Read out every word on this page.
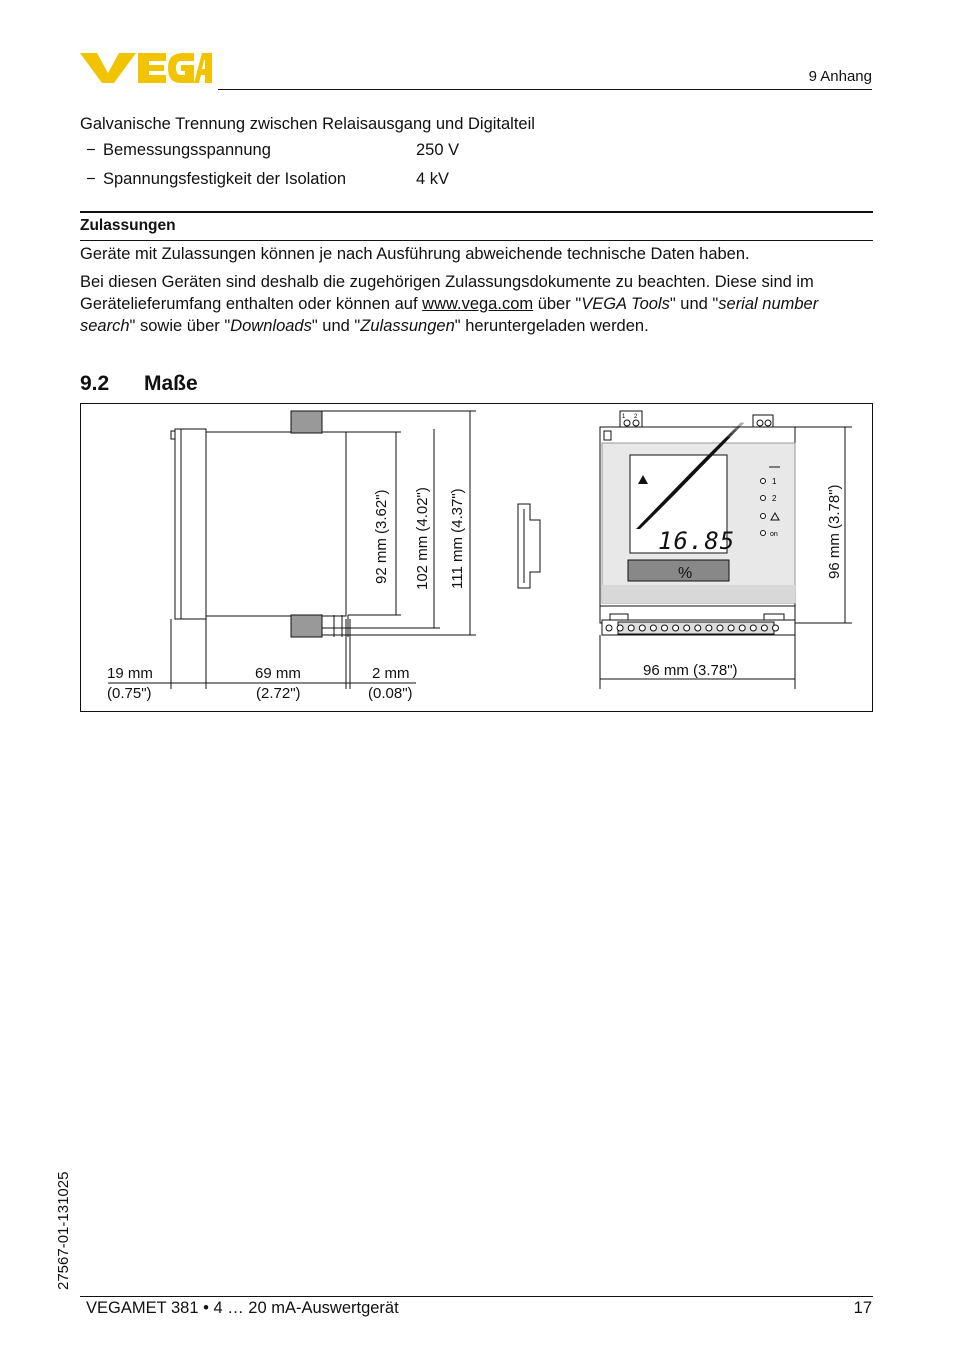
9 Anhang
Galvanische Trennung zwischen Relaisausgang und Digitalteil
− Bemessungsspannung	250 V
− Spannungsfestigkeit der Isolation	4 kV
Zulassungen
Geräte mit Zulassungen können je nach Ausführung abweichende technische Daten haben.
Bei diesen Geräten sind deshalb die zugehörigen Zulassungsdokumente zu beachten. Diese sind im Gerätelieferumfang enthalten oder können auf www.vega.com über "VEGA Tools" und "serial number search" sowie über "Downloads" und "Zulassungen" heruntergeladen werden.
9.2 Maße
1
2
on
1 2
16.85
%
19 mm
(0.75")
69 mm
(2.72")
2 mm
(0.08")
96 mm (3.78")
92 mm (3.62") 102 mm (4.02") 111 mm (4.37")	96 mm (3.78")
27567-01-131025
VEGAMET 381 • 4 … 20 mA-Auswertgerät	17
